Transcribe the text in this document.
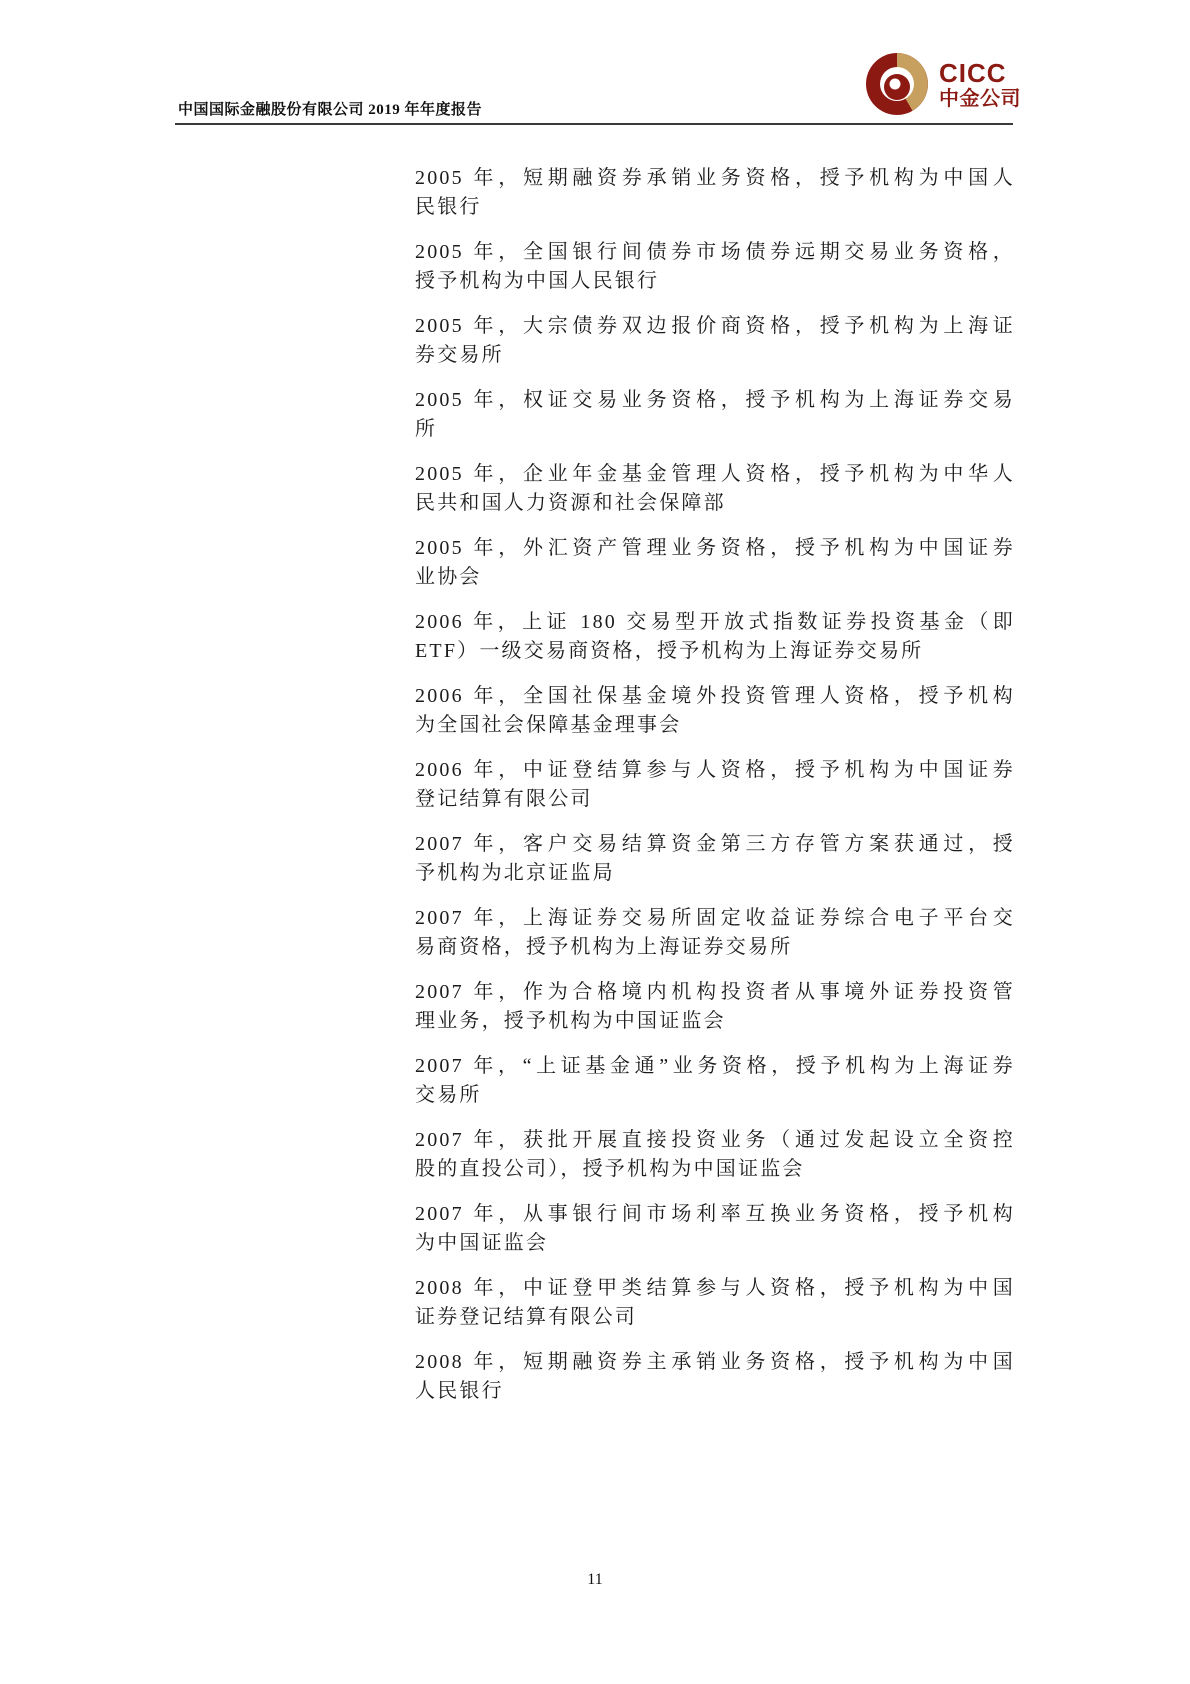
中国国际金融股份有限公司 2019 年年度报告
CICC
中金公司
2005 年，短期融资券承销业务资格，授予机构为中国人
民银行
2005 年，全国银行间债券市场债券远期交易业务资格，
授予机构为中国人民银行
2005 年，大宗债券双边报价商资格，授予机构为上海证
券交易所
2005 年，权证交易业务资格，授予机构为上海证券交易
所
2005 年，企业年金基金管理人资格，授予机构为中华人
民共和国人力资源和社会保障部
2005 年，外汇资产管理业务资格，授予机构为中国证券
业协会
2006 年，上证 180 交易型开放式指数证券投资基金（即
ETF）一级交易商资格，授予机构为上海证券交易所
2006 年，全国社保基金境外投资管理人资格，授予机构
为全国社会保障基金理事会
2006 年，中证登结算参与人资格，授予机构为中国证券
登记结算有限公司
2007 年，客户交易结算资金第三方存管方案获通过，授
予机构为北京证监局
2007 年，上海证券交易所固定收益证券综合电子平台交
易商资格，授予机构为上海证券交易所
2007 年，作为合格境内机构投资者从事境外证券投资管
理业务，授予机构为中国证监会
2007 年，“上证基金通”业务资格，授予机构为上海证券
交易所
2007 年，获批开展直接投资业务（通过发起设立全资控
股的直投公司），授予机构为中国证监会
2007 年，从事银行间市场利率互换业务资格，授予机构
为中国证监会
2008 年，中证登甲类结算参与人资格，授予机构为中国
证券登记结算有限公司
2008 年，短期融资券主承销业务资格，授予机构为中国
人民银行
11
